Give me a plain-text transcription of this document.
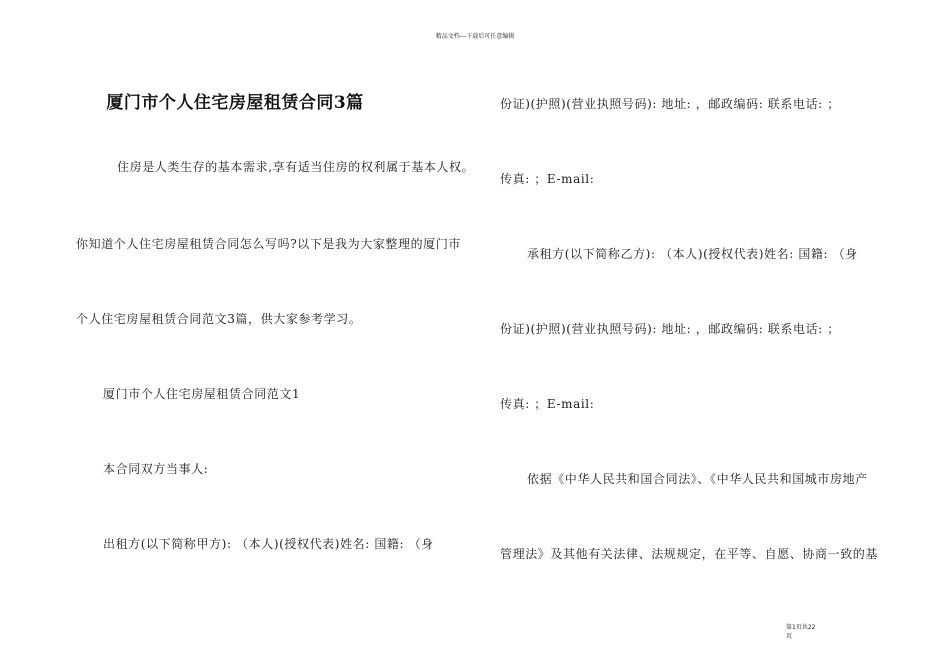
精品文档---下载后可任意编辑
厦门市个人住宅房屋租赁合同3篇
住房是人类生存的基本需求,享有适当住房的权利属于基本人权。
你知道个人住宅房屋租赁合同怎么写吗?以下是我为大家整理的厦门市
个人住宅房屋租赁合同范文3篇，供大家参考学习。
厦门市个人住宅房屋租赁合同范文1
本合同双方当事人:
出租方(以下简称甲方): （本人)(授权代表)姓名: 国籍: （身
份证)(护照)(营业执照号码): 地址: ，邮政编码: 联系电话: ；
传真: ；E-mail:
承租方(以下简称乙方): （本人)(授权代表)姓名: 国籍: （身
份证)(护照)(营业执照号码): 地址: ，邮政编码: 联系电话: ；
传真: ；E-mail:
依据《中华人民共和国合同法》、《中华人民共和国城市房地产
管理法》及其他有关法律、法规规定，在平等、自愿、协商一致的基
第1页共22
页
